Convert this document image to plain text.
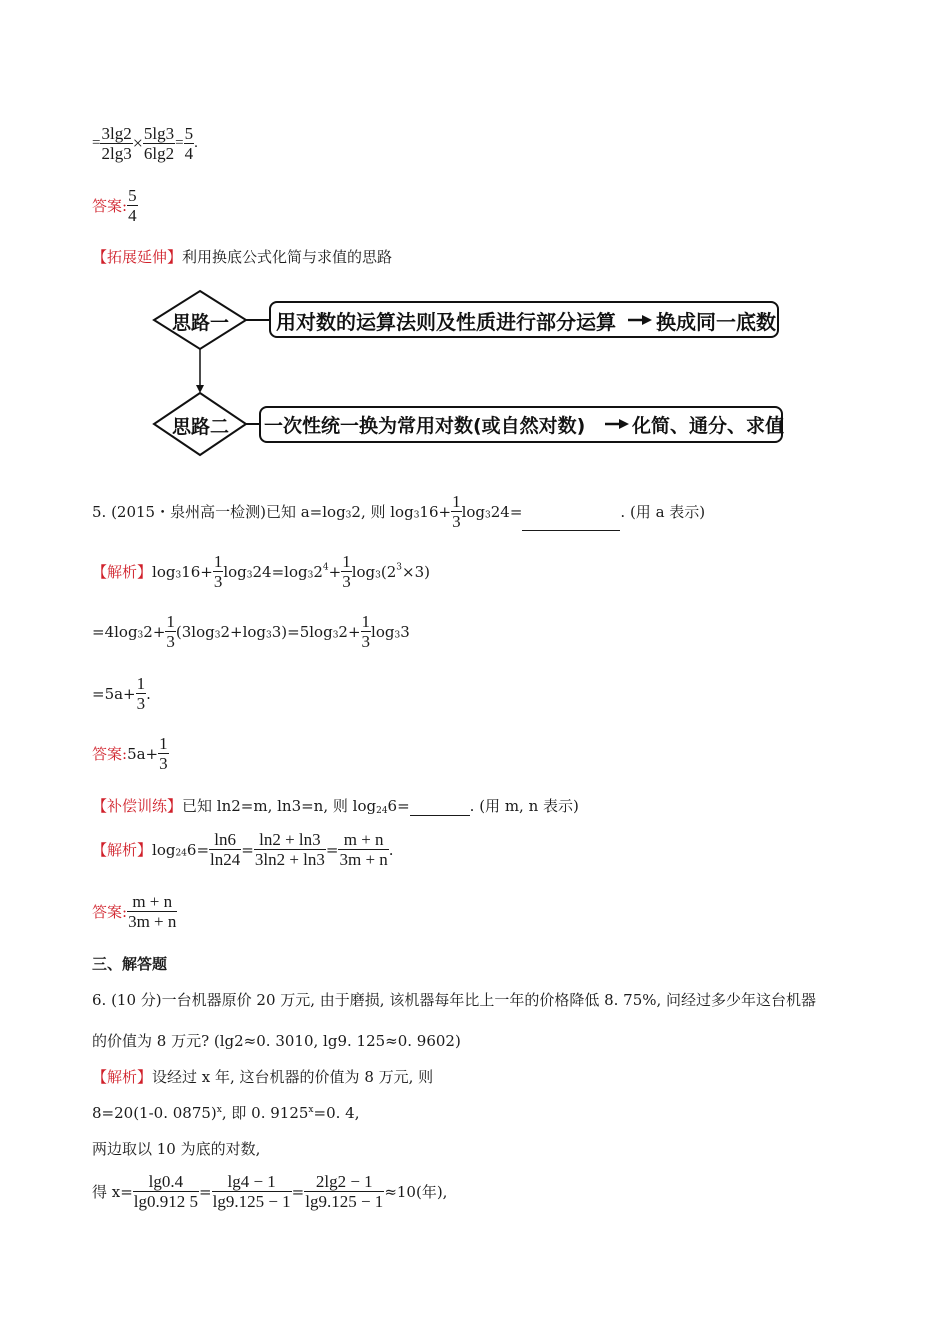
= $\frac{3\lg 2}{2\lg 3} \times \frac{5\lg 3}{6\lg 2} = \frac{5}{4}$ .
答案: $\frac{5}{4}$
【拓展延伸】利用换底公式化简与求值的思路
思路一 用对数的运算法则及性质进行部分运算 换成同一底数
思路二 一次性统一换为常用对数(或自然对数) 化简、通分、求值
5. (2015・泉州高一检测)已知 $a=\log_32$, 则 $\log_316+ \frac{1}{3} \log_324=$	. (用 a 表示)
【解析】$\log_316+ \frac{1}{3} \log_324=\log_32^4+ \frac{1}{3} \log_3(2^3\times 3)$
$=4\log_32+ \frac{1}{3} (3\log_32+\log_33)=5\log_32+ \frac{1}{3} \log_33$
$=5a+ \frac{1}{3}$ .
答案:5a+ $\frac{1}{3}$
【补偿训练】已知 ln2=m, ln3=n, 则 $\log_{24}6=$	. (用 m, n 表示)
【解析】$\log_{24}6= \frac{\ln 6}{\ln 24} = \frac{\ln 2 + \ln 3}{3\ln 2 + \ln 3} = \frac{m + n}{3m + n}$ .
答案: $\frac{m + n}{3m + n}$
三、解答题
6. (10 分)一台机器原价 20 万元, 由于磨损, 该机器每年比上一年的价格降低 8. 75%, 问经过多少年这台机器
的价值为 8 万元? (lg2≈0. 3010, lg9. 125≈0. 9602)
【解析】设经过 x 年, 这台机器的价值为 8 万元, 则
8=20(1-0. 0875)$^x$, 即 0. $9125^x=0$. 4,
两边取以 10 为底的对数,
得 $x= \frac{\lg 0.4}{\lg 0.912 5} = \frac{\lg 4 - 1}{\lg 9.125 - 1} = \frac{2\lg 2 - 1}{\lg 9.125 - 1} \approx 10$(年),
